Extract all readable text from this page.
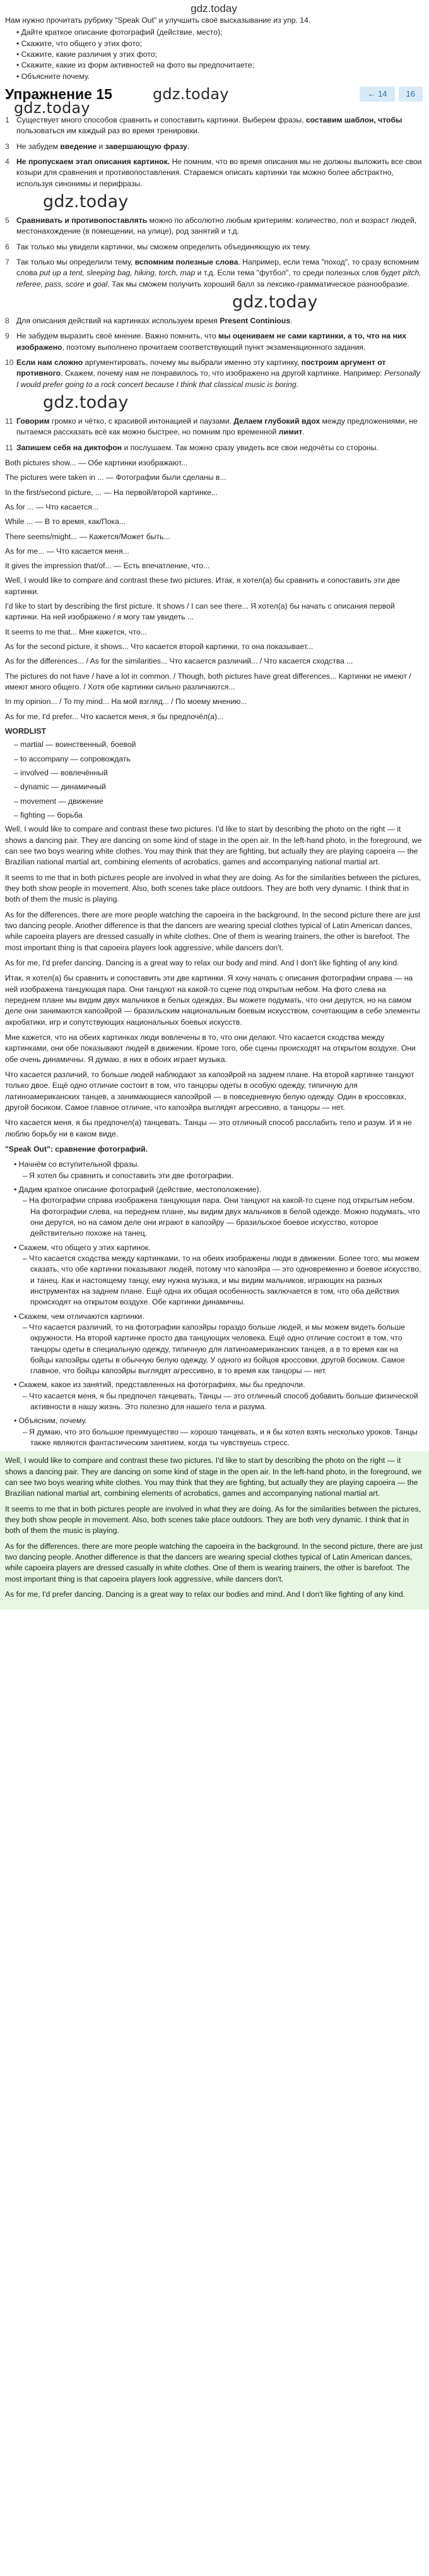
gdz.today

Нам нужно прочитать рубрику "Speak Out" и улучшить своё высказывание из упр. 14.

• Дайте краткое описание фотографий (действие, место);
• Скажите, что общего у этих фото;
• Скажите, какие различия у этих фото;
• Скажите, какие из форм активностей на фото вы предпочитаете;
• Объясните почему.
Упражнение 15	gdz.today	← 14	16
gdz.today
1 Существует много способов сравнить и сопоставить картинки. Выберем фразы, составим шаблон, чтобы пользоваться им каждый раз во время тренировки.
3 Не забудем введение и завершающую фразу.
4 Не пропускаем этап описания картинок. Не помним, что во время описания мы не должны выложить все свои козыри для сравнения и противопоставления. Стараемся описать картинки так можно более абстрактно, используя синонимы и перифразы.
gdz.today
5 Сравнивать и противопоставлять можно по абсолютно любым критериям: количество, пол и возраст людей, местонахождение (в помещении, на улице), род занятий и т.д.
6 Так только мы увидели картинки, мы сможем определить объединяющую их тему.
7 Так только мы определили тему, вспомним полезные слова. Например, если тема "поход", то сразу вспомним слова put up a tent, sleeping bag, hiking, torch, map и т.д. Если тема "футбол", то среди полезных слов будет pitch, referee, pass, score и goal. Так мы сможем получить хороший балл за лексико-грамматическое разнообразие.
gdz.today
8 Для описания действий на картинках используем время Present Continious.
9 Не забудем выразить своё мнение. Важно помнить, что мы оцениваем не сами картинки, а то, что на них изображено, поэтому выполнено прочитаем соответствующий пункт экзаменационного задания.
10 Если нам сложно аргументировать, почему мы выбрали именно эту картинку, построим аргумент от противного. Скажем, почему нам не понравилось то, что изображено на другой картинке. Например: Personally I would prefer going to a rock concert because I think that classical music is boring.
gdz.today
11 Говорим громко и чётко, с красивой интонацией и паузами. Делаем глубокий вдох между предложениями, не пытаемся рассказать всё как можно быстрее, но помним про временной лимит.
11 Запишем себя на диктофон и послушаем. Так можно сразу увидеть все свои недочёты со стороны.

Both pictures show... — Обе картинки изображают...

The pictures were taken in ... — Фотографии были сделаны в...

In the first/second picture, ... — На первой/второй картинке...

As for ... — Что касается...

While ... — В то время, как/Пока...

There seems/might... — Кажется/Может быть...

As for me... — Что касается меня...

It gives the impression that/of... — Есть впечатление, что...

Well, I would like to compare and contrast these two pictures. Итак, я хотел(а) бы сравнить и сопоставить эти две картинки.

I'd like to start by describing the first picture. It shows / I can see there... Я хотел(а) бы начать с описания первой картинки. На ней изображено / я могу там увидеть ...

It seems to me that... Мне кажется, что...

As for the second picture, it shows... Что касается второй картинки, то она показывает...

As for the differences... / As for the similarities... Что касается различий... / Что касается сходства ...

The pictures do not have / have a lot in common. / Though, both pictures have great differences... Картинки не имеют / имеют много общего. / Хотя обе картинки сильно различаются...

In my opinion... / To my mind... На мой взгляд... / По моему мнению...

As for me, I'd prefer... Что касается меня, я бы предпочёл(а)...

WORDLIST
– martial — воинственный, боевой
– to accompany — сопровождать
– involved — вовлечённый
– dynamic — динамичный
– movement — движение
– fighting — борьба

Well, I would like to compare and contrast these two pictures. I'd like to start by describing the photo on the right — it shows a dancing pair. They are dancing on some kind of stage in the open air. In the left-hand photo, in the foreground, we can see two boys wearing white clothes. You may think that they are fighting, but actually they are playing capoeira — the Brazilian national martial art, combining elements of acrobatics, games and accompanying national martial art.

It seems to me that in both pictures people are involved in what they are doing. As for the similarities between the pictures, they both show people in movement. Also, both scenes take place outdoors. They are both very dynamic. I think that in both of them the music is playing.

As for the differences, there are more people watching the capoeira in the background. In the second picture there are just two dancing people. Another difference is that the dancers are wearing special clothes typical of Latin American dances, while capoeira players are dressed casually in white clothes. One of them is wearing trainers, the other is barefoot. The most important thing is that capoeira players look aggressive, while dancers don't.

As for me, I'd prefer dancing. Dancing is a great way to relax our body and mind. And I don't like fighting of any kind.

Итак, я хотел(а) бы сравнить и сопоставить эти две картинки. Я хочу начать с описания фотографии справа — на ней изображена танцующая пара. Они танцуют на какой-то сцене под открытым небом. На фото слева на переднем плане мы видим двух мальчиков в белых одеждах. Вы можете подумать, что они дерутся, но на самом деле они занимаются капоэйрой — бразильским национальным боевым искусством, сочетающим в себе элементы акробатики, игр и сопутствующих национальных боевых искусств.

Мне кажется, что на обеих картинках люди вовлечены в то, что они делают. Что касается сходства между картинками, они обе показывают людей в движении. Кроме того, обе сцены происходят на открытом воздухе. Они обе очень динамичны. Я думаю, в них в обоих играет музыка.

Что касается различий, то больше людей наблюдают за капоэйрой на заднем плане. На второй картинке танцуют только двое. Ещё одно отличие состоит в том, что танцоры одеты в особую одежду, типичную для латиноамериканских танцев, а занимающиеся капоэйрой — в повседневную белую одежду. Один в кроссовках, другой босиком. Самое главное отличие, что капоэйра выглядят агрессивно, а танцоры — нет.

Что касается меня, я бы предпочел(а) танцевать. Танцы — это отличный способ расслабить тело и разум. И я не люблю борьбу ни в каком виде.

"Speak Out": сравнение фотографий.

• Начнём со вступительной фразы.
– Я хотел бы сравнить и сопоставить эти две фотографии.
• Дадим краткое описание фотографий (действие, местоположение).
– На фотографии справа изображена танцующая пара. Они танцуют на какой-то сцене под открытым небом. На фотографии слева, на переднем плане, мы видим двух мальчиков в белой одежде. Можно подумать, что они дерутся, но на самом деле они играют в капоэйру — бразильское боевое искусство, которое действительно похоже на танец.
• Скажем, что общего у этих картинок.
– Что касается сходства между картинками, то на обеих изображены люди в движении. Более того, мы можем сказать, что обе картинки показывают людей, потому что капоэйра — это одновременно и боевое искусство, и танец. Как и настоящему танцу, ему нужна музыка, и мы видим мальчиков, играющих на разных инструментах на заднем плане. Ещё одна их общая особенность заключается в том, что оба действия происходят на открытом воздухе. Обе картинки динамичны.
• Скажем, чем отличаются картинки.
– Что касается различий, то на фотографии капоэйры гораздо больше людей, и мы можем видеть больше окружности. На второй картинке просто два танцующих человека. Ещё одно отличие состоит в том, что танцоры одеты в специальную одежду, типичную для латиноамериканских танцев, а в то время как на бойцы капоэйры одеты в обычную белую одежду. У одного из бойцов кроссовки, другой босиком. Самое главное, что бойцы капоэйры выглядят агрессивно, в то время как танцоры — нет.
• Скажем, какое из занятий, представленных на фотографиях, мы бы предпочли.
– Что касается меня, я бы предпочел танцевать. Танцы — это отличный способ добавить больше физической активности в нашу жизнь. Это полезно для нашего тела и разума.
• Объясним, почему.
– Я думаю, что это большое преимущество — хорошо танцевать, и я бы хотел взять несколько уроков. Танцы также являются фантастическим занятием, когда ты чувствуешь стресс.

Well, I would like to compare and contrast these two pictures. I'd like to start by describing the photo on the right — it shows a dancing pair. They are dancing on some kind of stage in the open air. In the left-hand photo, in the foreground, we can see two boys wearing white clothes. You may think that they are fighting, but actually they are playing capoeira — the Brazilian national martial art, combining elements of acrobatics, games and accompanying national martial art.

It seems to me that in both pictures people are involved in what they are doing. As for the similarities between the pictures, they both show people in movement. Also, both scenes take place outdoors. They are both very dynamic. I think that in both of them the music is playing.

As for the differences, there are more people watching the capoeira in the background. In the second picture, there are just two dancing people. Another difference is that the dancers are wearing special clothes typical of Latin American dances, while capoeira players are dressed casually in white clothes. One of them is wearing trainers, the other is barefoot. The most important thing is that capoeira players look aggressive, while dancers don't.

As for me, I'd prefer dancing. Dancing is a great way to relax our bodies and mind. And I don't like fighting of any kind.
